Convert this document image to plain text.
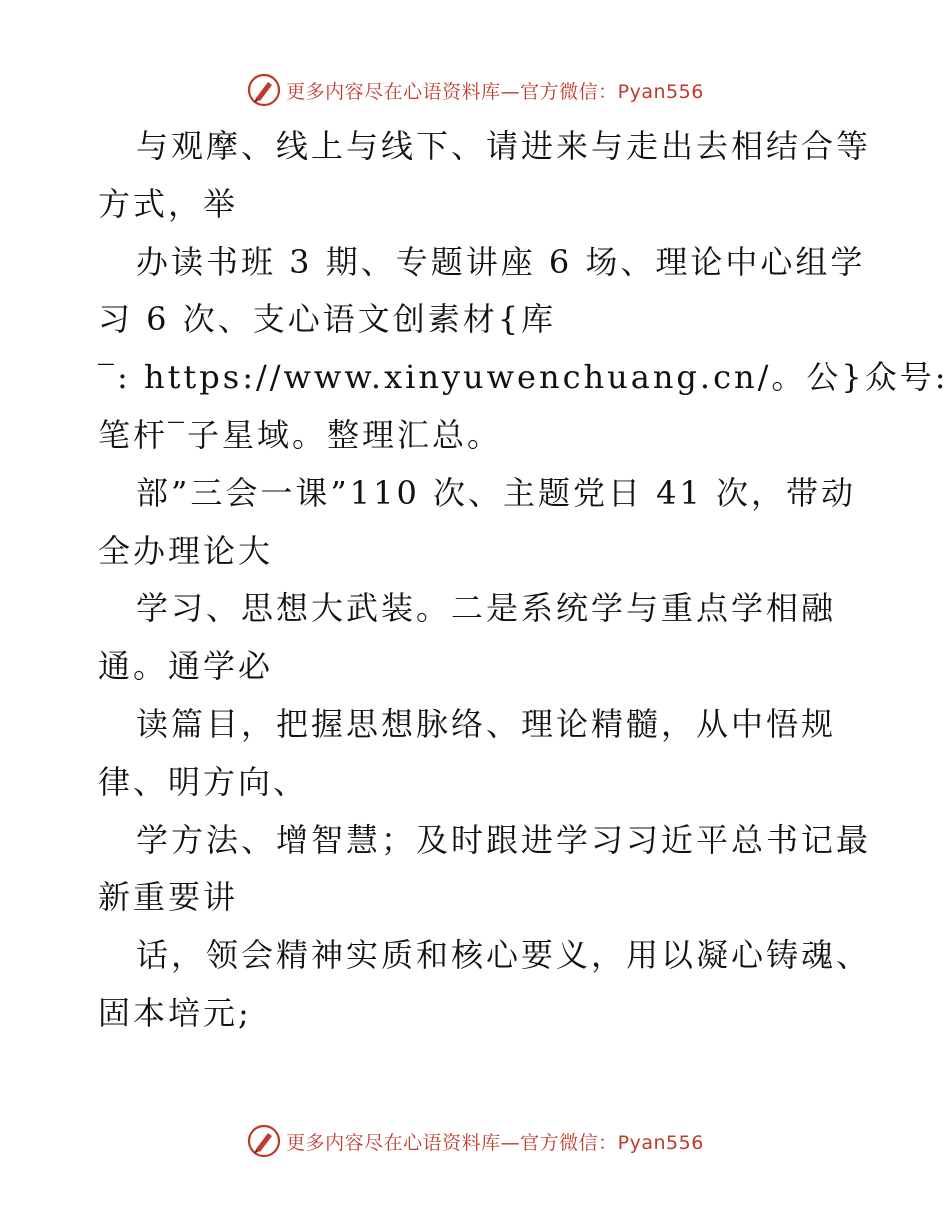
更多内容尽在心语资料库—官方微信：Pyan556
与观摩、线上与线下、请进来与走出去相结合等
方式，举
办读书班 3 期、专题讲座 6 场、理论中心组学
习 6 次、支心语文创素材{库
‾: https://www.xinyuwenchuang.cn/。公}众号:
笔杆‾子星域。整理汇总。
部”三会一课”110 次、主题党日 41 次，带动
全办理论大
学习、思想大武装。二是系统学与重点学相融
通。通学必
读篇目，把握思想脉络、理论精髓，从中悟规
律、明方向、
学方法、增智慧；及时跟进学习习近平总书记最
新重要讲
话，领会精神实质和核心要义，用以凝心铸魂、
固本培元;
更多内容尽在心语资料库—官方微信：Pyan556
